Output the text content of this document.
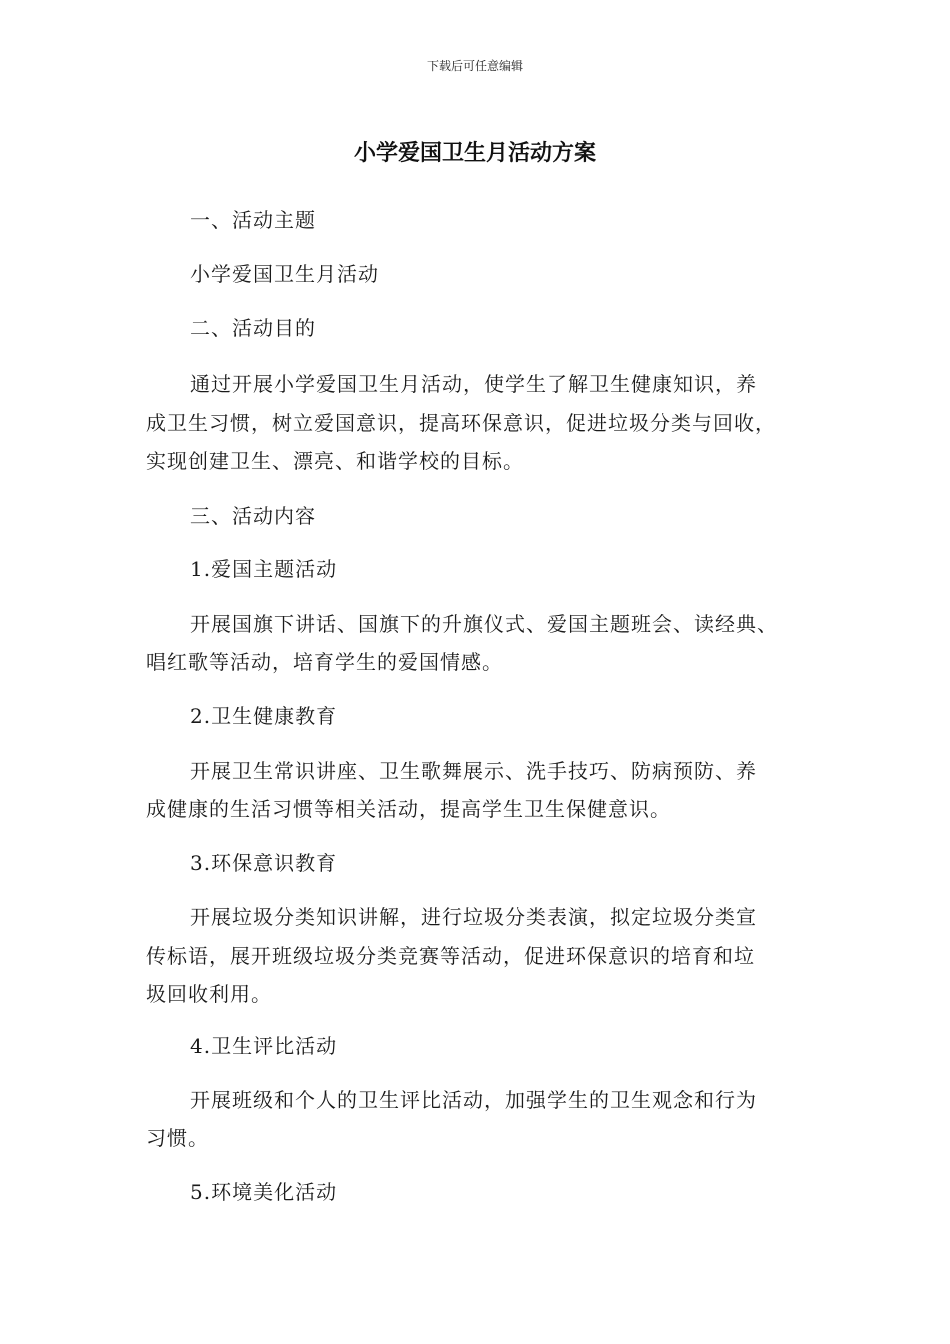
下载后可任意编辑
小学爱国卫生月活动方案
一、活动主题
小学爱国卫生月活动
二、活动目的
通过开展小学爱国卫生月活动，使学生了解卫生健康知识，养
成卫生习惯，树立爱国意识，提高环保意识，促进垃圾分类与回收，
实现创建卫生、漂亮、和谐学校的目标。
三、活动内容
1.爱国主题活动
开展国旗下讲话、国旗下的升旗仪式、爱国主题班会、读经典、
唱红歌等活动，培育学生的爱国情感。
2.卫生健康教育
开展卫生常识讲座、卫生歌舞展示、洗手技巧、防病预防、养
成健康的生活习惯等相关活动，提高学生卫生保健意识。
3.环保意识教育
开展垃圾分类知识讲解，进行垃圾分类表演，拟定垃圾分类宣
传标语，展开班级垃圾分类竞赛等活动，促进环保意识的培育和垃
圾回收利用。
4.卫生评比活动
开展班级和个人的卫生评比活动，加强学生的卫生观念和行为
习惯。
5.环境美化活动
